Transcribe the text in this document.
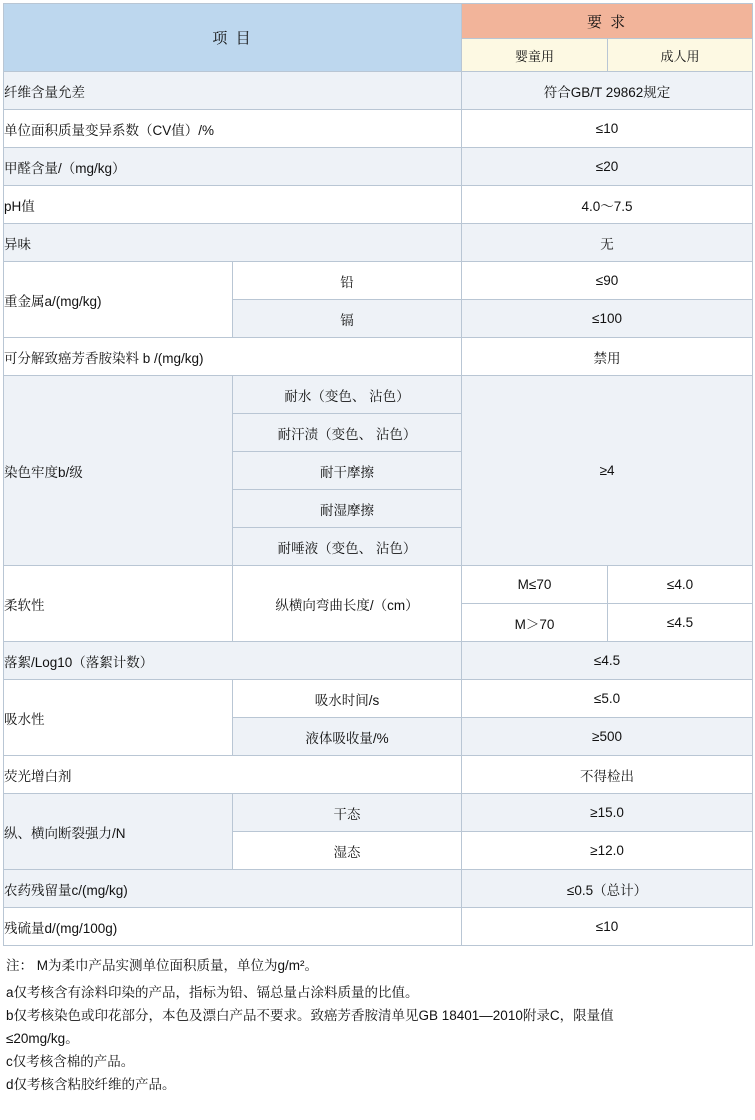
项 目		要 求	
		婴童用	成人用
纤维含量允差		符合GB/T 29862规定	
单位面积质量变异系数（CV值）/%		≤10	
甲醛含量/（mg/kg）		≤20	
pH值		4.0～7.5	
异味		无	
重金属a/(mg/kg)	铅	≤90	
	镉	≤100	
可分解致癌芳香胺染料 b /(mg/kg)		禁用	
染色牢度b/级	耐水（变色、 沾色）	≥4	
	耐汗渍（变色、 沾色）		
	耐干摩擦		
	耐湿摩擦		
	耐唾液（变色、 沾色）		
柔软性	纵横向弯曲长度/（cm）	M≤70	≤4.0
		M＞70	≤4.5
落絮/Log10（落絮计数）		≤4.5	
吸水性	吸水时间/s	≤5.0	
	液体吸收量/%	≥500	
荧光增白剂		不得检出	
纵、横向断裂强力/N	干态	≥15.0	
	湿态	≥12.0	
农药残留量c/(mg/kg)		≤0.5（总计）	
残硫量d/(mg/100g)		≤10	
注： M为柔巾产品实测单位面积质量，单位为g/m²。
a仅考核含有涂料印染的产品，指标为铅、镉总量占涂料质量的比值。
b仅考核染色或印花部分，本色及漂白产品不要求。致癌芳香胺清单见GB 18401—2010附录C，限量值
≤20mg/kg。
c仅考核含棉的产品。
d仅考核含粘胶纤维的产品。
